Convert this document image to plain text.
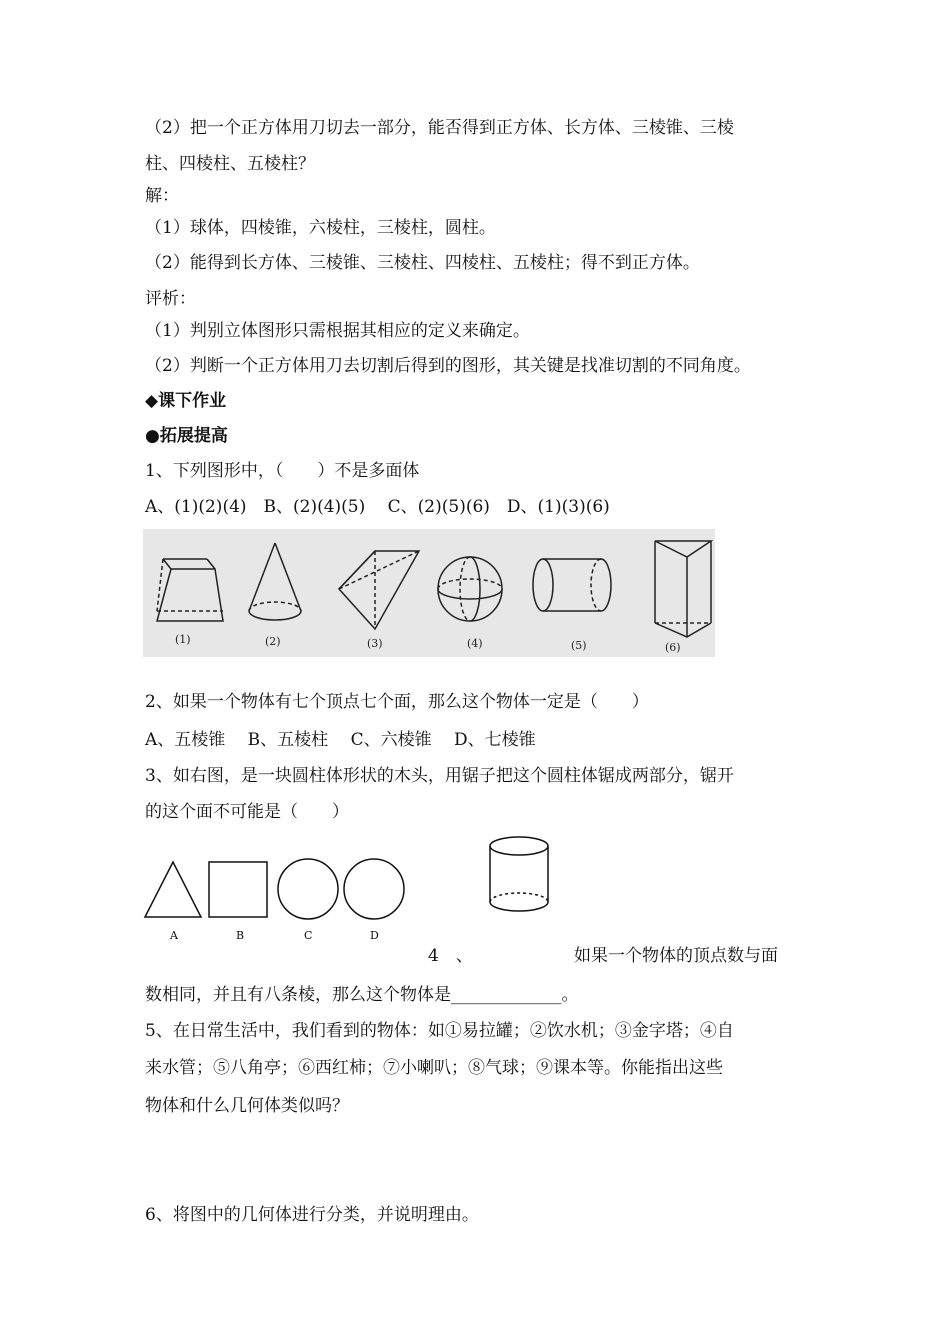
（2）把一个正方体用刀切去一部分，能否得到正方体、长方体、三棱锥、三棱
柱、四棱柱、五棱柱？
解：
（1）球体，四棱锥，六棱柱，三棱柱，圆柱。
（2）能得到长方体、三棱锥、三棱柱、四棱柱、五棱柱；得不到正方体。
评析：
（1）判别立体图形只需根据其相应的定义来确定。
（2）判断一个正方体用刀去切割后得到的图形，其关键是找准切割的不同角度。
◆课下作业
●拓展提高
1、下列图形中，（　　）不是多面体
A、(1)(2)(4)　B、(2)(4)(5)　 C、(2)(5)(6)　D、(1)(3)(6)
(1)	(2)	(3)	(4)	(5)	(6)
2、如果一个物体有七个顶点七个面，那么这个物体一定是（　　）
A、五棱锥　 B、五棱柱　 C、六棱锥　 D、七棱锥
3、如右图，是一块圆柱体形状的木头，用锯子把这个圆柱体锯成两部分，锯开
的这个面不可能是（　　）
A	B	C	D
4　、	如果一个物体的顶点数与面
数相同，并且有八条棱，那么这个物体是_____________。
5、在日常生活中，我们看到的物体：如①易拉罐；②饮水机；③金字塔；④自
来水管；⑤八角亭；⑥西红柿；⑦小喇叭；⑧气球；⑨课本等。你能指出这些
物体和什么几何体类似吗？
6、将图中的几何体进行分类，并说明理由。
